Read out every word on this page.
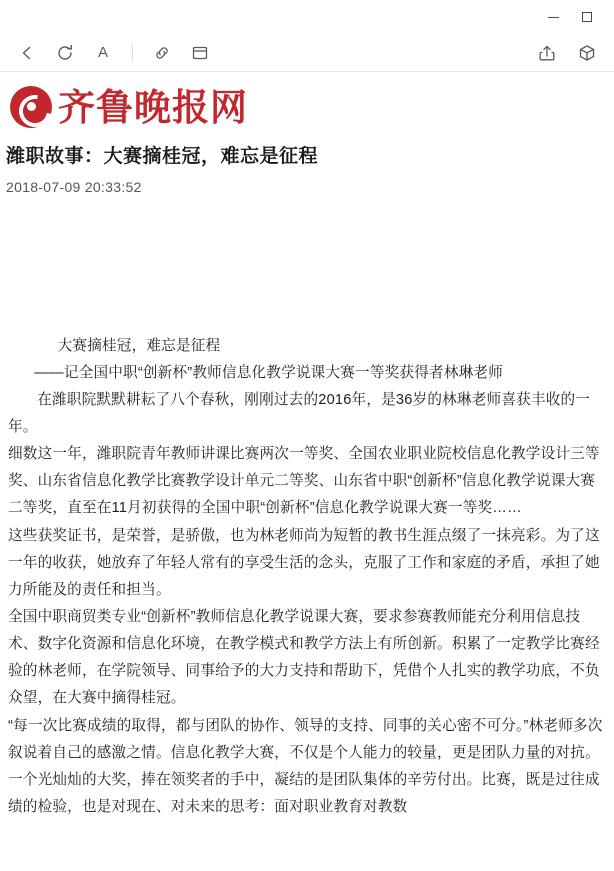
A
齐鲁晚报网
潍职故事：大赛摘桂冠，难忘是征程
2018-07-09 20:33:52

大赛摘桂冠，难忘是征程

——记全国中职“创新杯”教师信息化教学说课大赛一等奖获得者林琳老师

在潍职院默默耕耘了八个春秋，刚刚过去的2016年，是36岁的林琳老师喜获丰收的一年。

细数这一年，潍职院青年教师讲课比赛两次一等奖、全国农业职业院校信息化教学设计三等奖、山东省信息化教学比赛教学设计单元二等奖、山东省中职“创新杯”信息化教学说课大赛二等奖，直至在11月初获得的全国中职“创新杯”信息化教学说课大赛一等奖……

这些获奖证书，是荣誉，是骄傲，也为林老师尚为短暂的教书生涯点缀了一抹亮彩。为了这一年的收获，她放弃了年轻人常有的享受生活的念头，克服了工作和家庭的矛盾，承担了她力所能及的责任和担当。

全国中职商贸类专业“创新杯”教师信息化教学说课大赛，要求参赛教师能充分利用信息技术、数字化资源和信息化环境，在教学模式和教学方法上有所创新。积累了一定教学比赛经验的林老师，在学院领导、同事给予的大力支持和帮助下，凭借个人扎实的教学功底，不负众望，在大赛中摘得桂冠。

“每一次比赛成绩的取得，都与团队的协作、领导的支持、同事的关心密不可分。”林老师多次叙说着自己的感激之情。信息化教学大赛，不仅是个人能力的较量，更是团队力量的对抗。一个光灿灿的大奖，捧在领奖者的手中，凝结的是团队集体的辛劳付出。比赛，既是过往成绩的检验，也是对现在、对未来的思考：面对职业教育对教数
